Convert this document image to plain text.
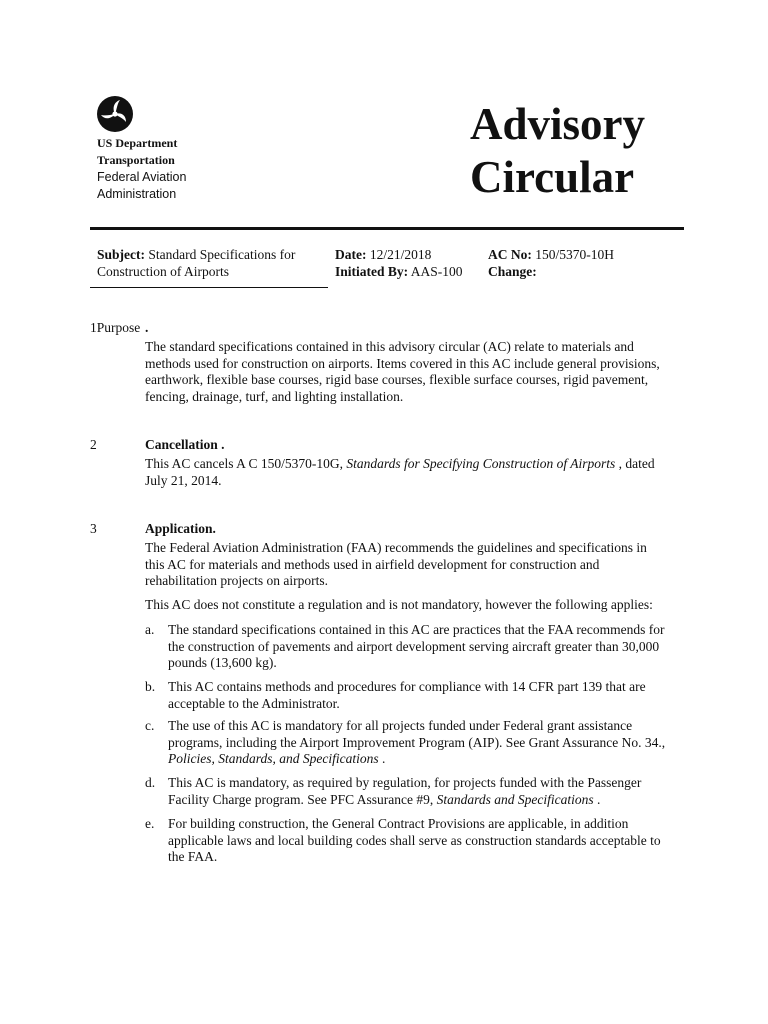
US Department
Transportation
Federal Aviation
Administration
Advisory
Circular
Subject: Standard Specifications for
Construction of Airports
Date: 12/21/2018
Initiated By: AAS-100
AC No: 150/5370-10H
Change:
1Purpose .
The standard specifications contained in this advisory circular (AC) relate to materials and
methods used for construction on airports. Items covered in this AC include general provisions,
earthwork, flexible base courses, rigid base courses, flexible surface courses, rigid pavement,
fencing, drainage, turf, and lighting installation.
2	Cancellation .
This AC cancels A C 150/5370-10G, Standards for Specifying Construction of Airports , dated
July 21, 2014.
3	Application.
The Federal Aviation Administration (FAA) recommends the guidelines and specifications in
this AC for materials and methods used in airfield development for construction and
rehabilitation projects on airports.
This AC does not constitute a regulation and is not mandatory, however the following applies:
a. The standard specifications contained in this AC are practices that the FAA recommends for
the construction of pavements and airport development serving aircraft greater than 30,000
pounds (13,600 kg).
b. This AC contains methods and procedures for compliance with 14 CFR part 139 that are
acceptable to the Administrator.
c. The use of this AC is mandatory for all projects funded under Federal grant assistance
programs, including the Airport Improvement Program (AIP). See Grant Assurance No. 34.,
Policies, Standards, and Specifications .
d. This AC is mandatory, as required by regulation, for projects funded with the Passenger
Facility Charge program. See PFC Assurance #9, Standards and Specifications .
e. For building construction, the General Contract Provisions are applicable, in addition
applicable laws and local building codes shall serve as construction standards acceptable to
the FAA.
